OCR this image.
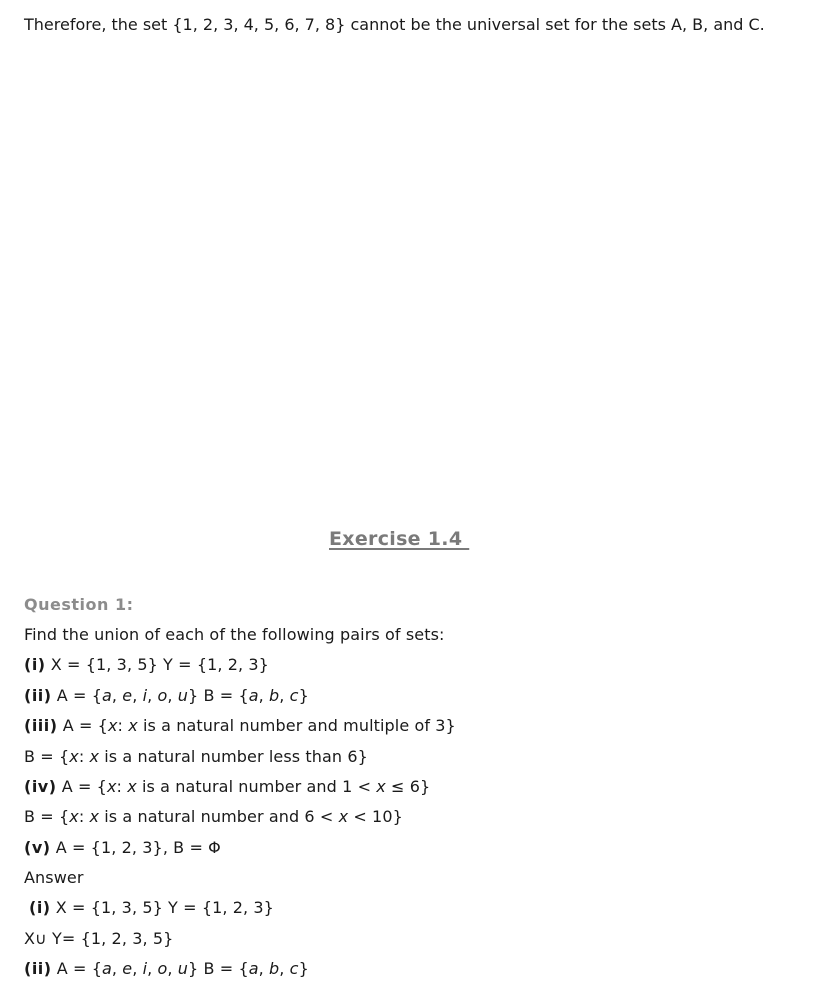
Therefore, the set {1, 2, 3, 4, 5, 6, 7, 8} cannot be the universal set for the sets A, B, and C.
Exercise 1.4
Question 1:
Find the union of each of the following pairs of sets:
(i) X = {1, 3, 5} Y = {1, 2, 3}
(ii) A = {a, e, i, o, u} B = {a, b, c}
(iii) A = {x: x is a natural number and multiple of 3}
B = {x: x is a natural number less than 6}
(iv) A = {x: x is a natural number and 1 < x ≤ 6}
B = {x: x is a natural number and 6 < x < 10}
(v) A = {1, 2, 3}, B = Φ
Answer
(i) X = {1, 3, 5} Y = {1, 2, 3}
X∪ Y= {1, 2, 3, 5}
(ii) A = {a, e, i, o, u} B = {a, b, c}
